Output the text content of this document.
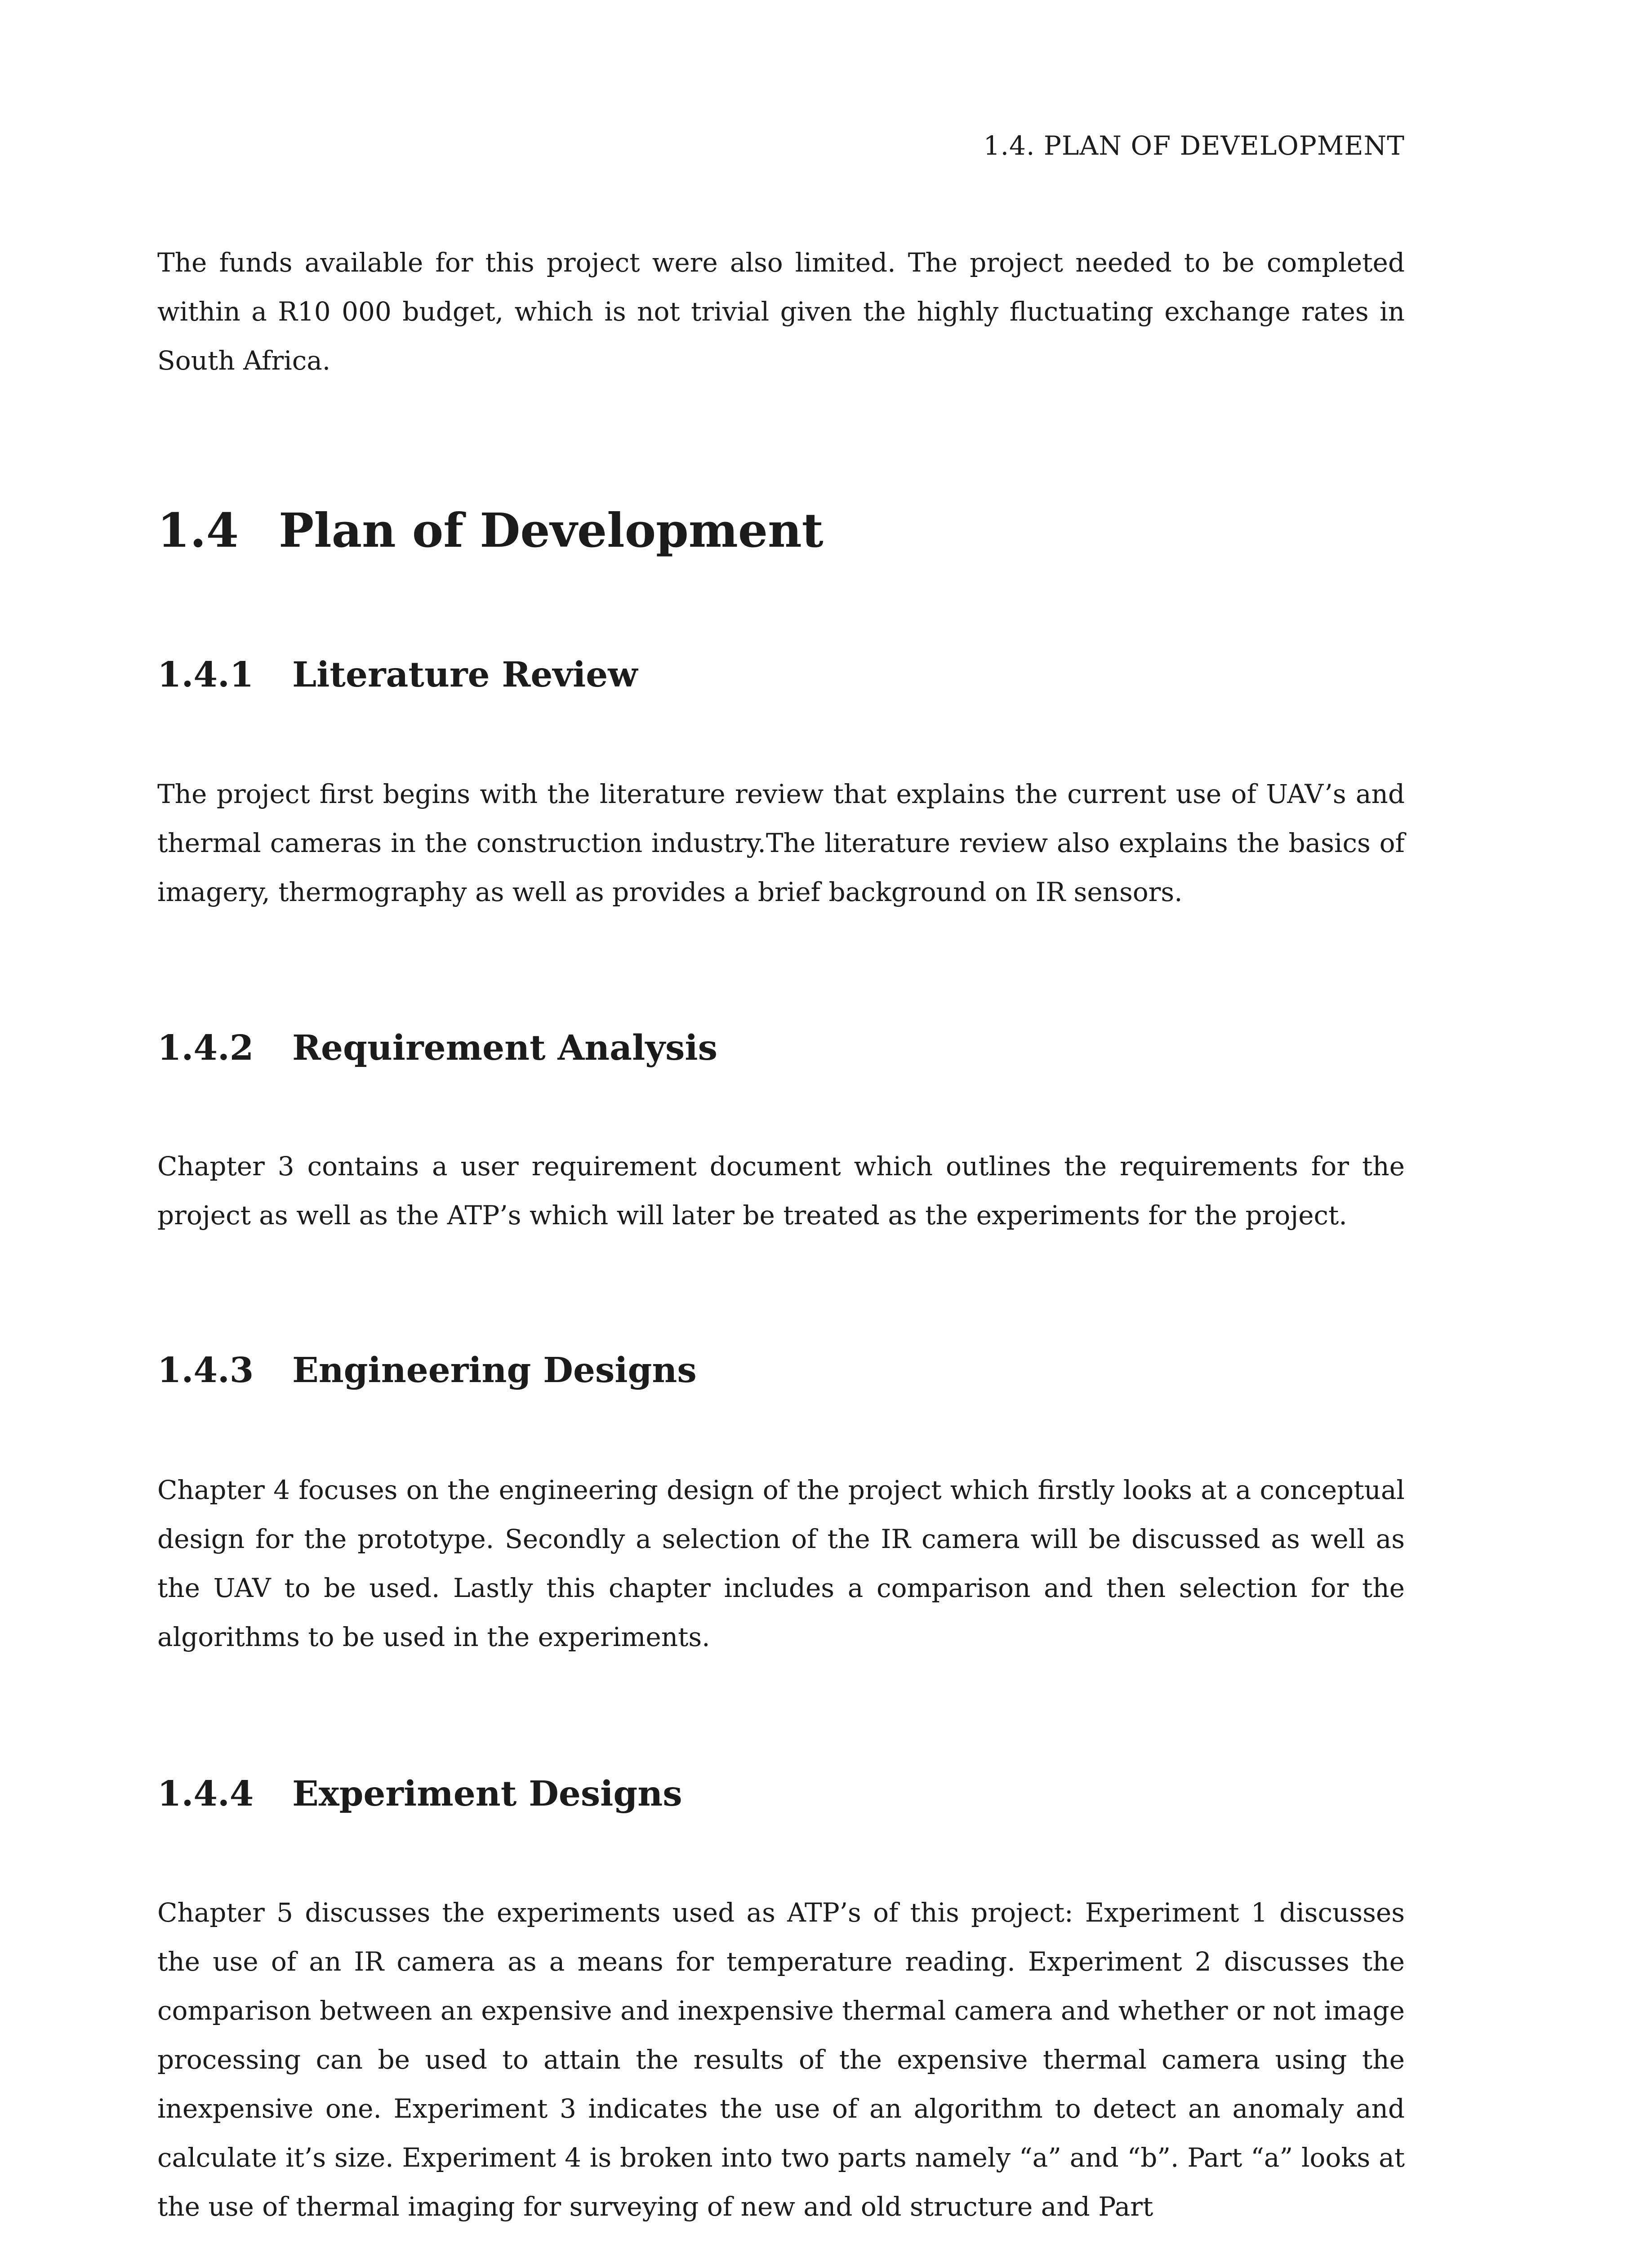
1.4. PLAN OF DEVELOPMENT

The funds available for this project were also limited. The project needed to be completed within a R10 000 budget, which is not trivial given the highly fluctuating exchange rates in South Africa.

1.4 Plan of Development
1.4.1 Literature Review

The project first begins with the literature review that explains the current use of UAV’s and thermal cameras in the construction industry.The literature review also explains the basics of imagery, thermography as well as provides a brief background on IR sensors.

1.4.2 Requirement Analysis

Chapter 3 contains a user requirement document which outlines the requirements for the project as well as the ATP’s which will later be treated as the experiments for the project.

1.4.3 Engineering Designs

Chapter 4 focuses on the engineering design of the project which firstly looks at a conceptual design for the prototype. Secondly a selection of the IR camera will be discussed as well as the UAV to be used. Lastly this chapter includes a comparison and then selection for the algorithms to be used in the experiments.

1.4.4 Experiment Designs

Chapter 5 discusses the experiments used as ATP’s of this project: Experiment 1 discusses the use of an IR camera as a means for temperature reading. Experiment 2 discusses the comparison between an expensive and inexpensive thermal camera and whether or not image processing can be used to attain the results of the expensive thermal camera using the inexpensive one. Experiment 3 indicates the use of an algorithm to detect an anomaly and calculate it’s size. Experiment 4 is broken into two parts namely “a” and “b”. Part “a” looks at the use of thermal imaging for surveying of new and old structure and Part
